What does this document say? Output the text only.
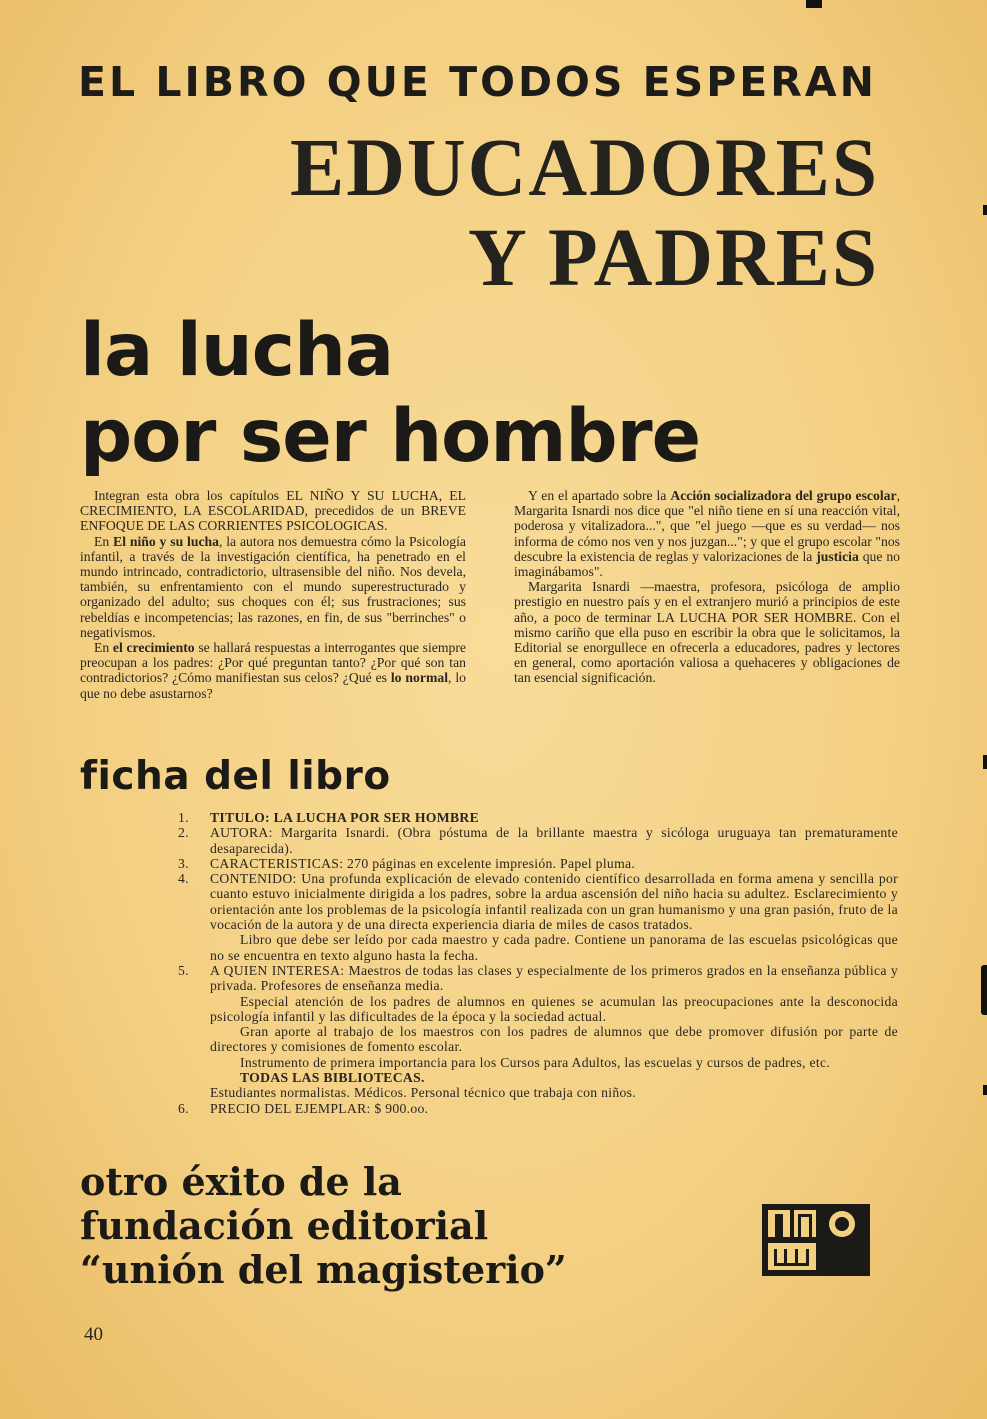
EL LIBRO QUE TODOS ESPERAN
EDUCADORES
Y PADRES
la lucha
por ser hombre

Integran esta obra los capítulos EL NIÑO Y SU LUCHA, EL CRECIMIENTO, LA ESCOLARIDAD, precedidos de un BREVE ENFOQUE DE LAS CORRIENTES PSICOLOGICAS.

En El niño y su lucha, la autora nos demuestra cómo la Psicología infantil, a través de la investigación científica, ha penetrado en el mundo intrincado, contradictorio, ultrasensible del niño. Nos devela, también, su enfrentamiento con el mundo superestructurado y organizado del adulto; sus choques con él; sus frustraciones; sus rebeldías e incompetencias; las razones, en fin, de sus "berrinches" o negativismos.

En el crecimiento se hallará respuestas a interrogantes que siempre preocupan a los padres: ¿Por qué preguntan tanto? ¿Por qué son tan contradictorios? ¿Cómo manifiestan sus celos? ¿Qué es lo normal, lo que no debe asustarnos?

Y en el apartado sobre la Acción socializadora del grupo escolar, Margarita Isnardi nos dice que "el niño tiene en sí una reacción vital, poderosa y vitalizadora...", que "el juego —que es su verdad— nos informa de cómo nos ven y nos juzgan..."; y que el grupo escolar "nos descubre la existencia de reglas y valorizaciones de la justicia que no imaginábamos".

Margarita Isnardi —maestra, profesora, psicóloga de amplio prestigio en nuestro país y en el extranjero murió a principios de este año, a poco de terminar LA LUCHA POR SER HOMBRE. Con el mismo cariño que ella puso en escribir la obra que le solicitamos, la Editorial se enorgullece en ofrecerla a educadores, padres y lectores en general, como aportación valiosa a quehaceres y obligaciones de tan esencial significación.

ficha del libro
1. TITULO: LA LUCHA POR SER HOMBRE

2. AUTORA: Margarita Isnardi. (Obra póstuma de la brillante maestra y sicóloga uruguaya tan prematuramente desaparecida).

3. CARACTERISTICAS: 270 páginas en excelente impresión. Papel pluma.

4. CONTENIDO: Una profunda explicación de elevado contenido científico desarrollada en forma amena y sencilla por cuanto estuvo inicialmente dirigida a los padres, sobre la ardua ascensión del niño hacia su adultez. Esclarecimiento y orientación ante los problemas de la psicología infantil realizada con un gran humanismo y una gran pasión, fruto de la vocación de la autora y de una directa experiencia diaria de miles de casos tratados.

Libro que debe ser leído por cada maestro y cada padre. Contiene un panorama de las escuelas psicológicas que no se encuentra en texto alguno hasta la fecha.

5. A QUIEN INTERESA: Maestros de todas las clases y especialmente de los primeros grados en la enseñanza pública y privada. Profesores de enseñanza media.

Especial atención de los padres de alumnos en quienes se acumulan las preocupaciones ante la desconocida psicología infantil y las dificultades de la época y la sociedad actual.

Gran aporte al trabajo de los maestros con los padres de alumnos que debe promover difusión por parte de directores y comisiones de fomento escolar.

Instrumento de primera importancia para los Cursos para Adultos, las escuelas y cursos de padres, etc.

TODAS LAS BIBLIOTECAS.

Estudiantes normalistas. Médicos. Personal técnico que trabaja con niños.

6. PRECIO DEL EJEMPLAR: $ 900.oo.

otro éxito de la
fundación editorial
“unión del magisterio”
40
